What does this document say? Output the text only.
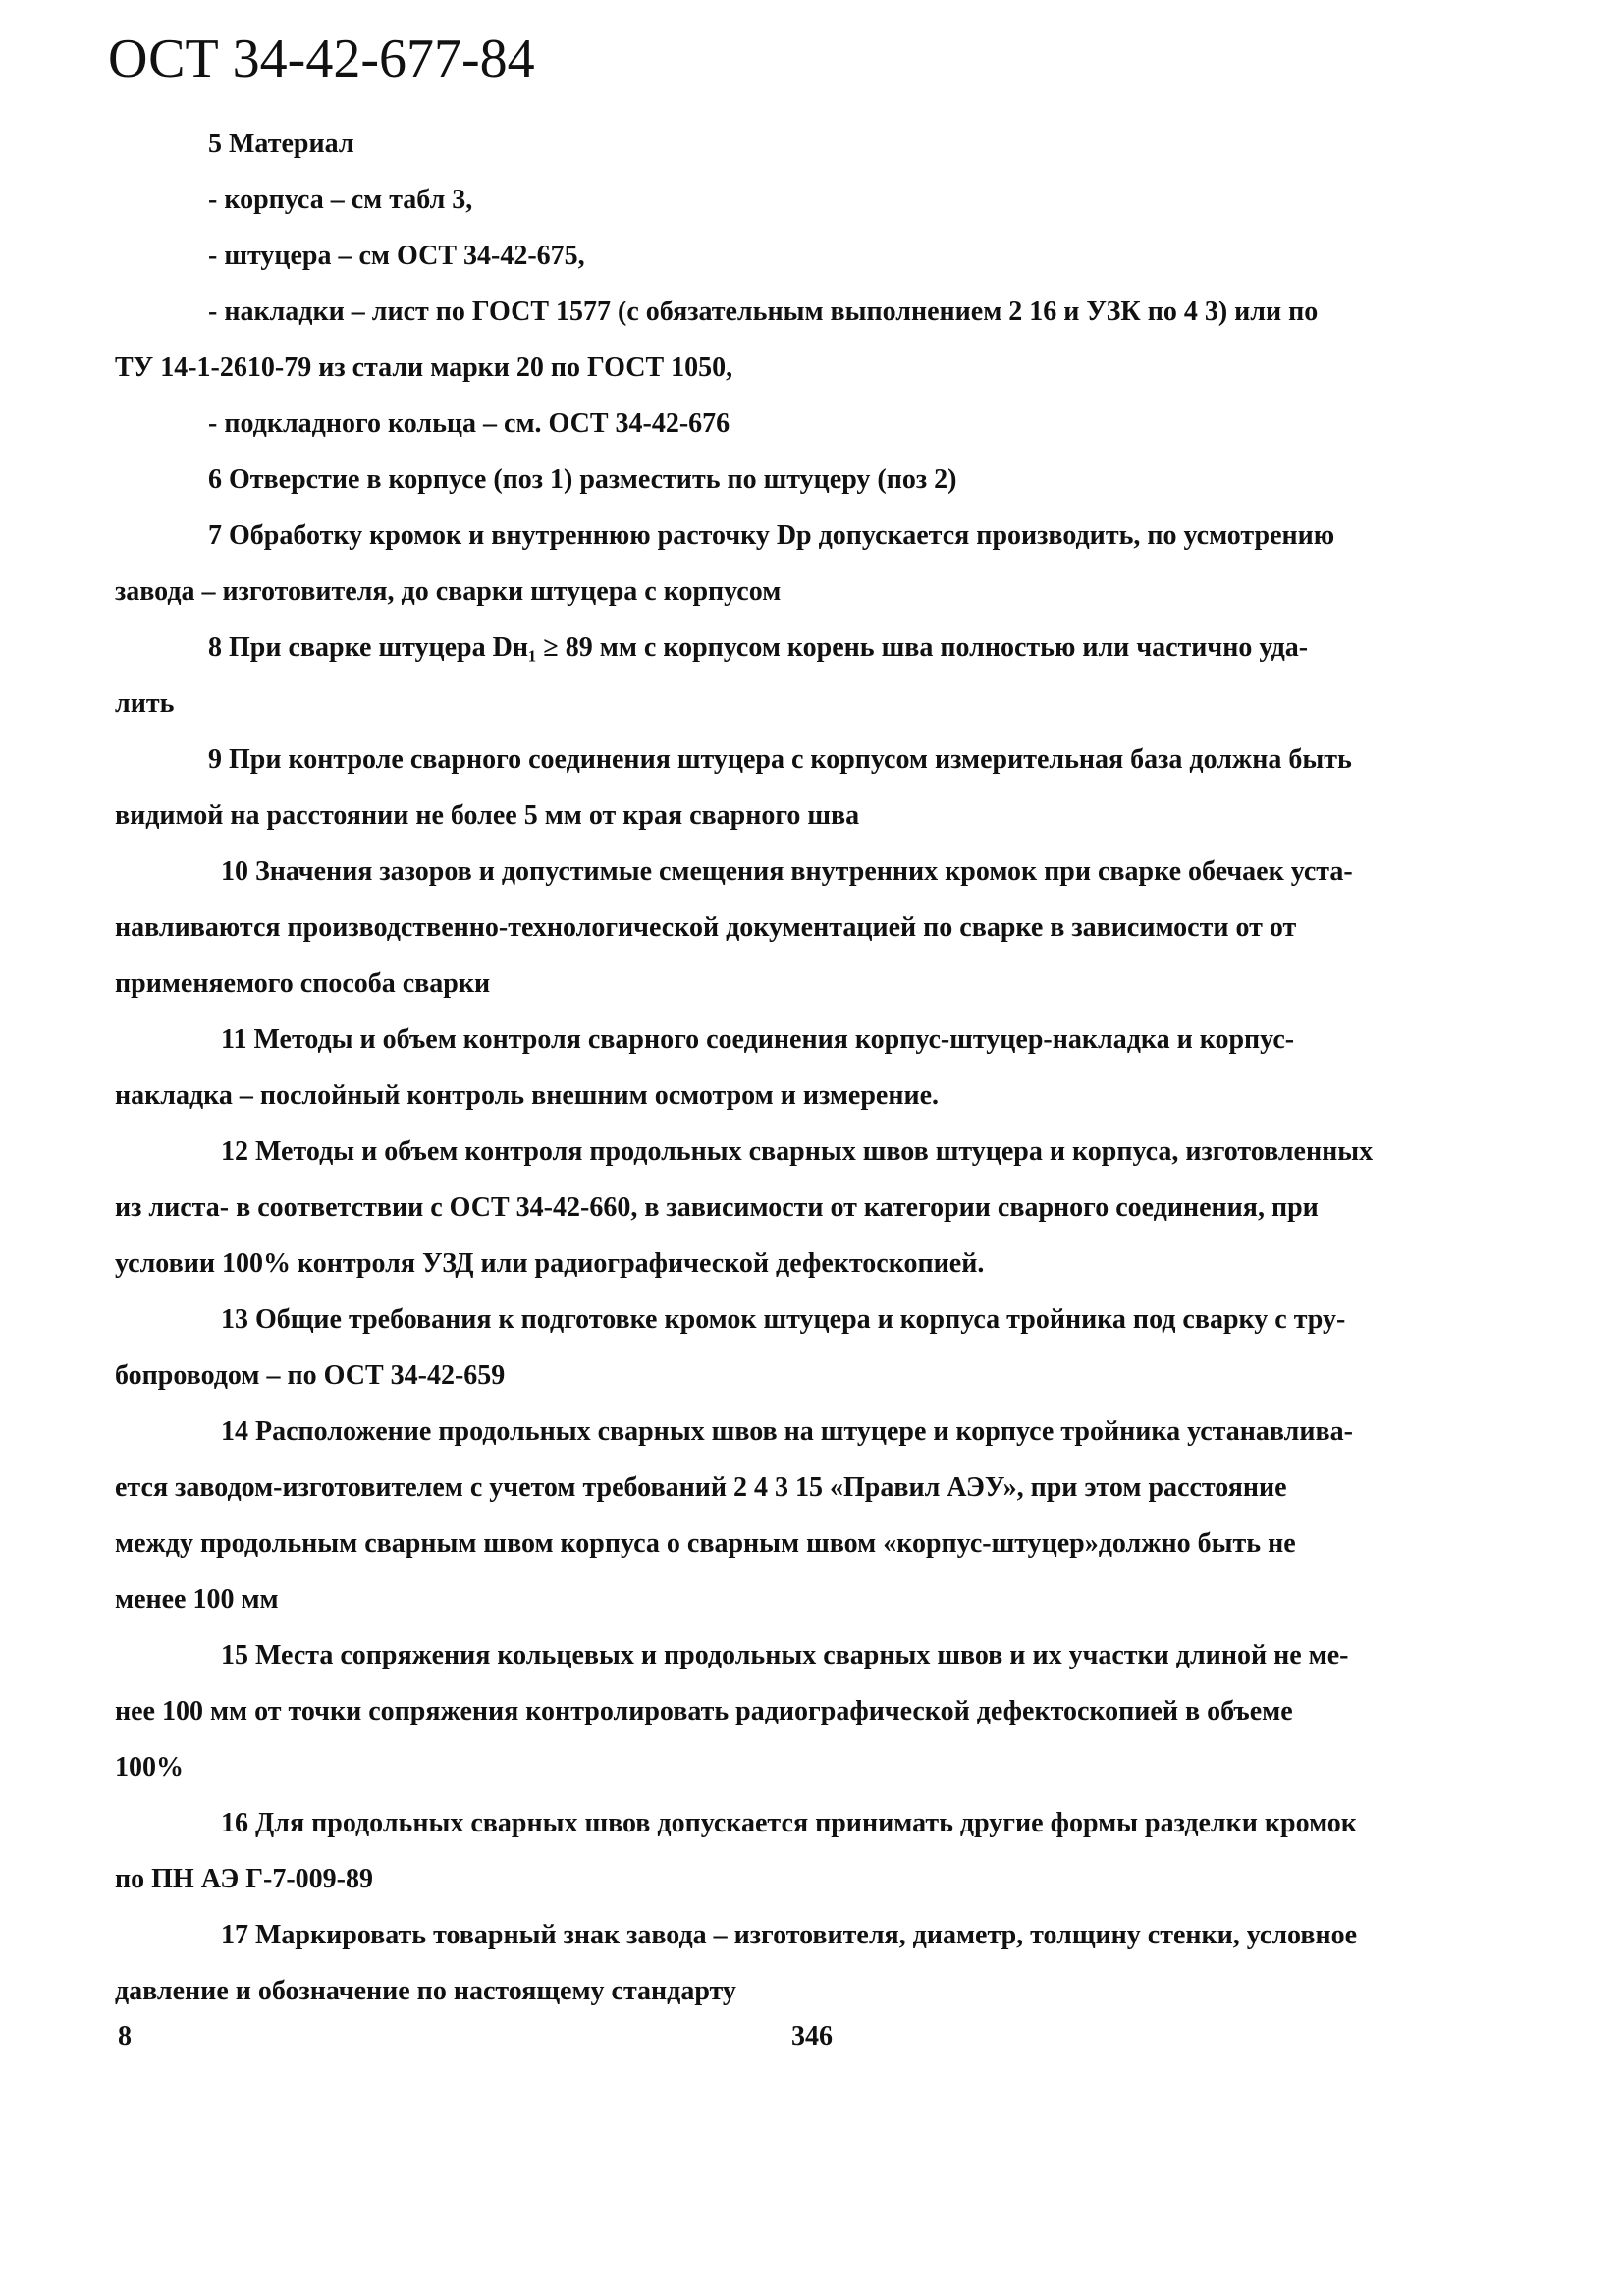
ОСТ 34-42-677-84
5 Материал
- корпуса – см табл 3,
- штуцера – см ОСТ 34-42-675,
- накладки – лист по ГОСТ 1577 (с обязательным выполнением 2 16 и УЗК по 4 3) или по
ТУ 14-1-2610-79 из стали марки 20 по ГОСТ 1050,
- подкладного кольца – см. ОСТ 34-42-676
6 Отверстие в корпусе (поз 1) разместить по штуцеру (поз 2)
7 Обработку кромок и внутреннюю расточку Dр допускается производить, по усмотрению
завода – изготовителя, до сварки штуцера с корпусом
8 При сварке штуцера Dн₁ ≥ 89 мм с корпусом корень шва полностью или частично уда-
лить
9 При контроле сварного соединения штуцера с корпусом измерительная база должна быть
видимой на расстоянии не более 5 мм от края сварного шва
10 Значения зазоров и допустимые смещения внутренних кромок при сварке обечаек уста-
навливаются производственно-технологической документацией по сварке в зависимости от от
применяемого способа сварки
11 Методы и объем контроля сварного соединения корпус-штуцер-накладка и корпус-
накладка – послойный контроль внешним осмотром и измерение.
12 Методы и объем контроля продольных сварных швов штуцера и корпуса, изготовленных
из листа- в соответствии с ОСТ 34-42-660, в зависимости от категории сварного соединения, при
условии 100% контроля УЗД или радиографической дефектоскопией.
13 Общие требования к подготовке кромок штуцера и корпуса тройника под сварку с тру-
бопроводом – по ОСТ 34-42-659
14 Расположение продольных сварных швов на штуцере и корпусе тройника устанавлива-
ется заводом-изготовителем с учетом требований 2 4 3 15 «Правил АЭУ», при этом расстояние
между продольным сварным швом корпуса о сварным швом «корпус-штуцер»должно быть не
менее 100 мм
15 Места сопряжения кольцевых и продольных сварных швов и их участки длиной не ме-
нее 100 мм от точки сопряжения контролировать радиографической дефектоскопией в объеме
100%
16 Для продольных сварных швов допускается принимать другие формы разделки кромок
по ПН АЭ Г-7-009-89
17 Маркировать товарный знак завода – изготовителя, диаметр, толщину стенки, условное
давление и обозначение по настоящему стандарту
8	346
